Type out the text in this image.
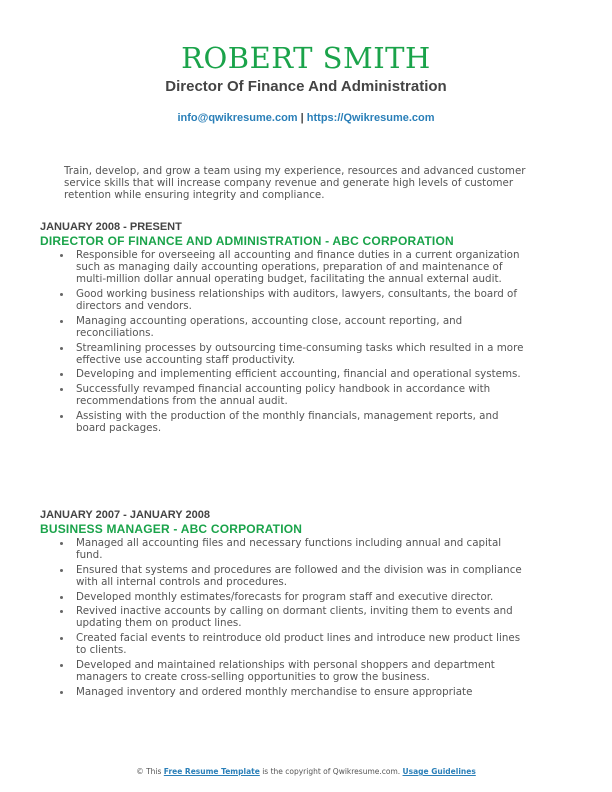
ROBERT SMITH
Director Of Finance And Administration
info@qwikresume.com | https://Qwikresume.com

Train, develop, and grow a team using my experience, resources and advanced customer service skills that will increase company revenue and generate high levels of customer retention while ensuring integrity and compliance.

JANUARY 2008 - PRESENT
DIRECTOR OF FINANCE AND ADMINISTRATION - ABC CORPORATION
Responsible for overseeing all accounting and finance duties in a current organization such as managing daily accounting operations, preparation of and maintenance of multi-million dollar annual operating budget, facilitating the annual external audit.
Good working business relationships with auditors, lawyers, consultants, the board of directors and vendors.
Managing accounting operations, accounting close, account reporting, and reconciliations.
Streamlining processes by outsourcing time-consuming tasks which resulted in a more effective use accounting staff productivity.
Developing and implementing efficient accounting, financial and operational systems.
Successfully revamped financial accounting policy handbook in accordance with recommendations from the annual audit.
Assisting with the production of the monthly financials, management reports, and board packages.
JANUARY 2007 - JANUARY 2008
BUSINESS MANAGER - ABC CORPORATION
Managed all accounting files and necessary functions including annual and capital fund.
Ensured that systems and procedures are followed and the division was in compliance with all internal controls and procedures.
Developed monthly estimates/forecasts for program staff and executive director.
Revived inactive accounts by calling on dormant clients, inviting them to events and updating them on product lines.
Created facial events to reintroduce old product lines and introduce new product lines to clients.
Developed and maintained relationships with personal shoppers and department managers to create cross-selling opportunities to grow the business.
Managed inventory and ordered monthly merchandise to ensure appropriate
© This Free Resume Template is the copyright of Qwikresume.com. Usage Guidelines
